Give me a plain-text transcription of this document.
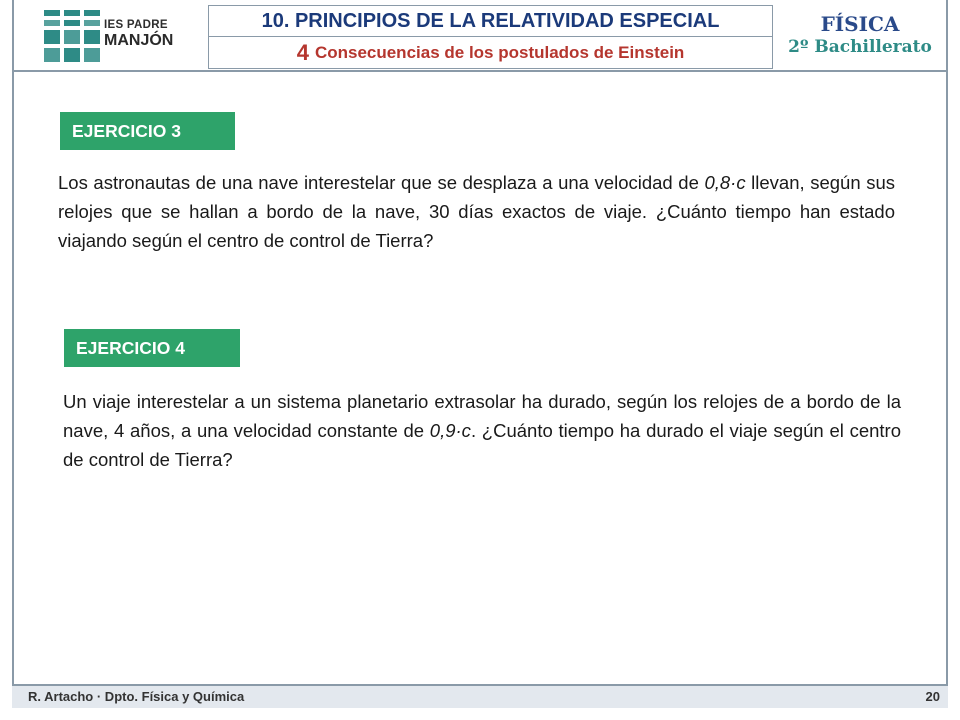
IES PADRE
MANJÓN
10. PRINCIPIOS DE LA RELATIVIDAD ESPECIAL
4 Consecuencias de los postulados de Einstein
FÍSICA
2º Bachillerato
EJERCICIO 3
Los astronautas de una nave interestelar que se desplaza a una velocidad de 0,8·c llevan, según sus relojes que se hallan a bordo de la nave, 30 días exactos de viaje. ¿Cuánto tiempo han estado viajando según el centro de control de Tierra?
EJERCICIO 4
Un viaje interestelar a un sistema planetario extrasolar ha durado, según los relojes de a bordo de la nave, 4 años, a una velocidad constante de 0,9·c. ¿Cuánto tiempo ha durado el viaje según el centro de control de Tierra?
R. Artacho · Dpto. Física y Química	20
